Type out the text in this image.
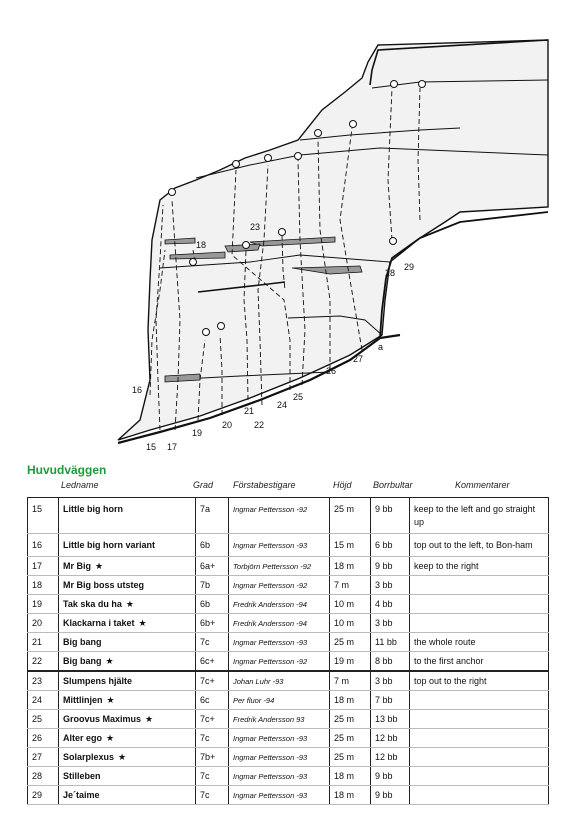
15
16
17
18
19
20
21
22
23
24
25
26
27
28
29
a
Huvudväggen
Ledname	Grad Förstabestigare	Höjd Borrbultar	Kommentarer
15	Little big horn	7a	Ingmar Pettersson -92	25 m	9 bb	keep to the left and go straight up
16	Little big horn variant	6b	Ingmar Pettersson -93	15 m	6 bb	top out to the left, to Bon-ham
17	Mr Big ★	6a+	Torbjörn Pettersson -92	18 m	9 bb	keep to the right
18	Mr Big boss utsteg	7b	Ingmar Pettersson -92	7 m	3 bb	
19	Tak ska du ha ★	6b	Fredrik Andersson -94	10 m	4 bb	
20	Klackarna i taket ★	6b+	Fredrik Andersson -94	10 m	3 bb	
21	Big bang	7c	Ingmar Pettersson -93	25 m	11 bb	the whole route
22	Big bang ★	6c+	Ingmar Pettersson -92	19 m	8 bb	to the first anchor
23	Slumpens hjälte	7c+	Johan Luhr -93	7 m	3 bb	top out to the right
24	Mittlinjen ★	6c	Per fluor -94	18 m	7 bb	
25	Groovus Maximus ★	7c+	Fredrik Andersson 93	25 m	13 bb	
26	Alter ego ★	7c	Ingmar Pettersson -93	25 m	12 bb	
27	Solarplexus ★	7b+	Ingmar Pettersson -93	25 m	12 bb	
28	Stilleben	7c	Ingmar Pettersson -93	18 m	9 bb	
29	Je´taime	7c	Ingmar Pettersson -93	18 m	9 bb	
